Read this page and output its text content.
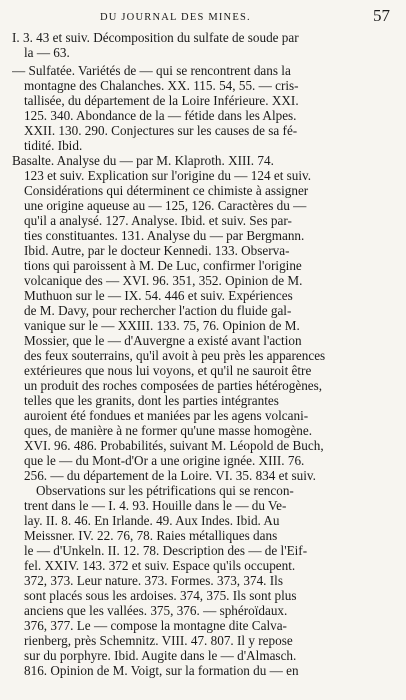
DU JOURNAL DES MINES.	57
I. 3. 43 et suiv. Décomposition du sulfate de soude par
la — 63.
— Sulfatée. Variétés de — qui se rencontrent dans la
montagne des Chalanches. XX. 115. 54, 55. — cris-
tallisée, du département de la Loire Inférieure. XXI.
125. 340. Abondance de la — fétide dans les Alpes.
XXII. 130. 290. Conjectures sur les causes de sa fé-
tidité. Ibid.
Basalte. Analyse du — par M. Klaproth. XIII. 74.
123 et suiv. Explication sur l'origine du — 124 et suiv.
Considérations qui déterminent ce chimiste à assigner
une origine aqueuse au — 125, 126. Caractères du —
qu'il a analysé. 127. Analyse. Ibid. et suiv. Ses par-
ties constituantes. 131. Analyse du — par Bergmann.
Ibid. Autre, par le docteur Kennedi. 133. Observa-
tions qui paroissent à M. De Luc, confirmer l'origine
volcanique des — XVI. 96. 351, 352. Opinion de M.
Muthuon sur le — IX. 54. 446 et suiv. Expériences
de M. Davy, pour rechercher l'action du fluide gal-
vanique sur le — XXIII. 133. 75, 76. Opinion de M.
Mossier, que le — d'Auvergne a existé avant l'action
des feux souterrains, qu'il avoit à peu près les apparences
extérieures que nous lui voyons, et qu'il ne sauroit être
un produit des roches composées de parties hétérogènes,
telles que les granits, dont les parties intégrantes
auroient été fondues et maniées par les agens volcani-
ques, de manière à ne former qu'une masse homogène.
XVI. 96. 486. Probabilités, suivant M. Léopold de Buch,
que le — du Mont-d'Or a une origine ignée. XIII. 76.
256. — du département de la Loire. VI. 35. 834 et suiv.
Observations sur les pétrifications qui se rencon-
trent dans le — I. 4. 93. Houille dans le — du Ve-
lay. II. 8. 46. En Irlande. 49. Aux Indes. Ibid. Au
Meissner. IV. 22. 76, 78. Raies métalliques dans
le — d'Unkeln. II. 12. 78. Description des — de l'Eif-
fel. XXIV. 143. 372 et suiv. Espace qu'ils occupent.
372, 373. Leur nature. 373. Formes. 373, 374. Ils
sont placés sous les ardoises. 374, 375. Ils sont plus
anciens que les vallées. 375, 376. — sphéroïdaux.
376, 377. Le — compose la montagne dite Calva-
rienberg, près Schemnitz. VIII. 47. 807. Il y repose
sur du porphyre. Ibid. Augite dans le — d'Almasch.
816. Opinion de M. Voigt, sur la formation du — en
